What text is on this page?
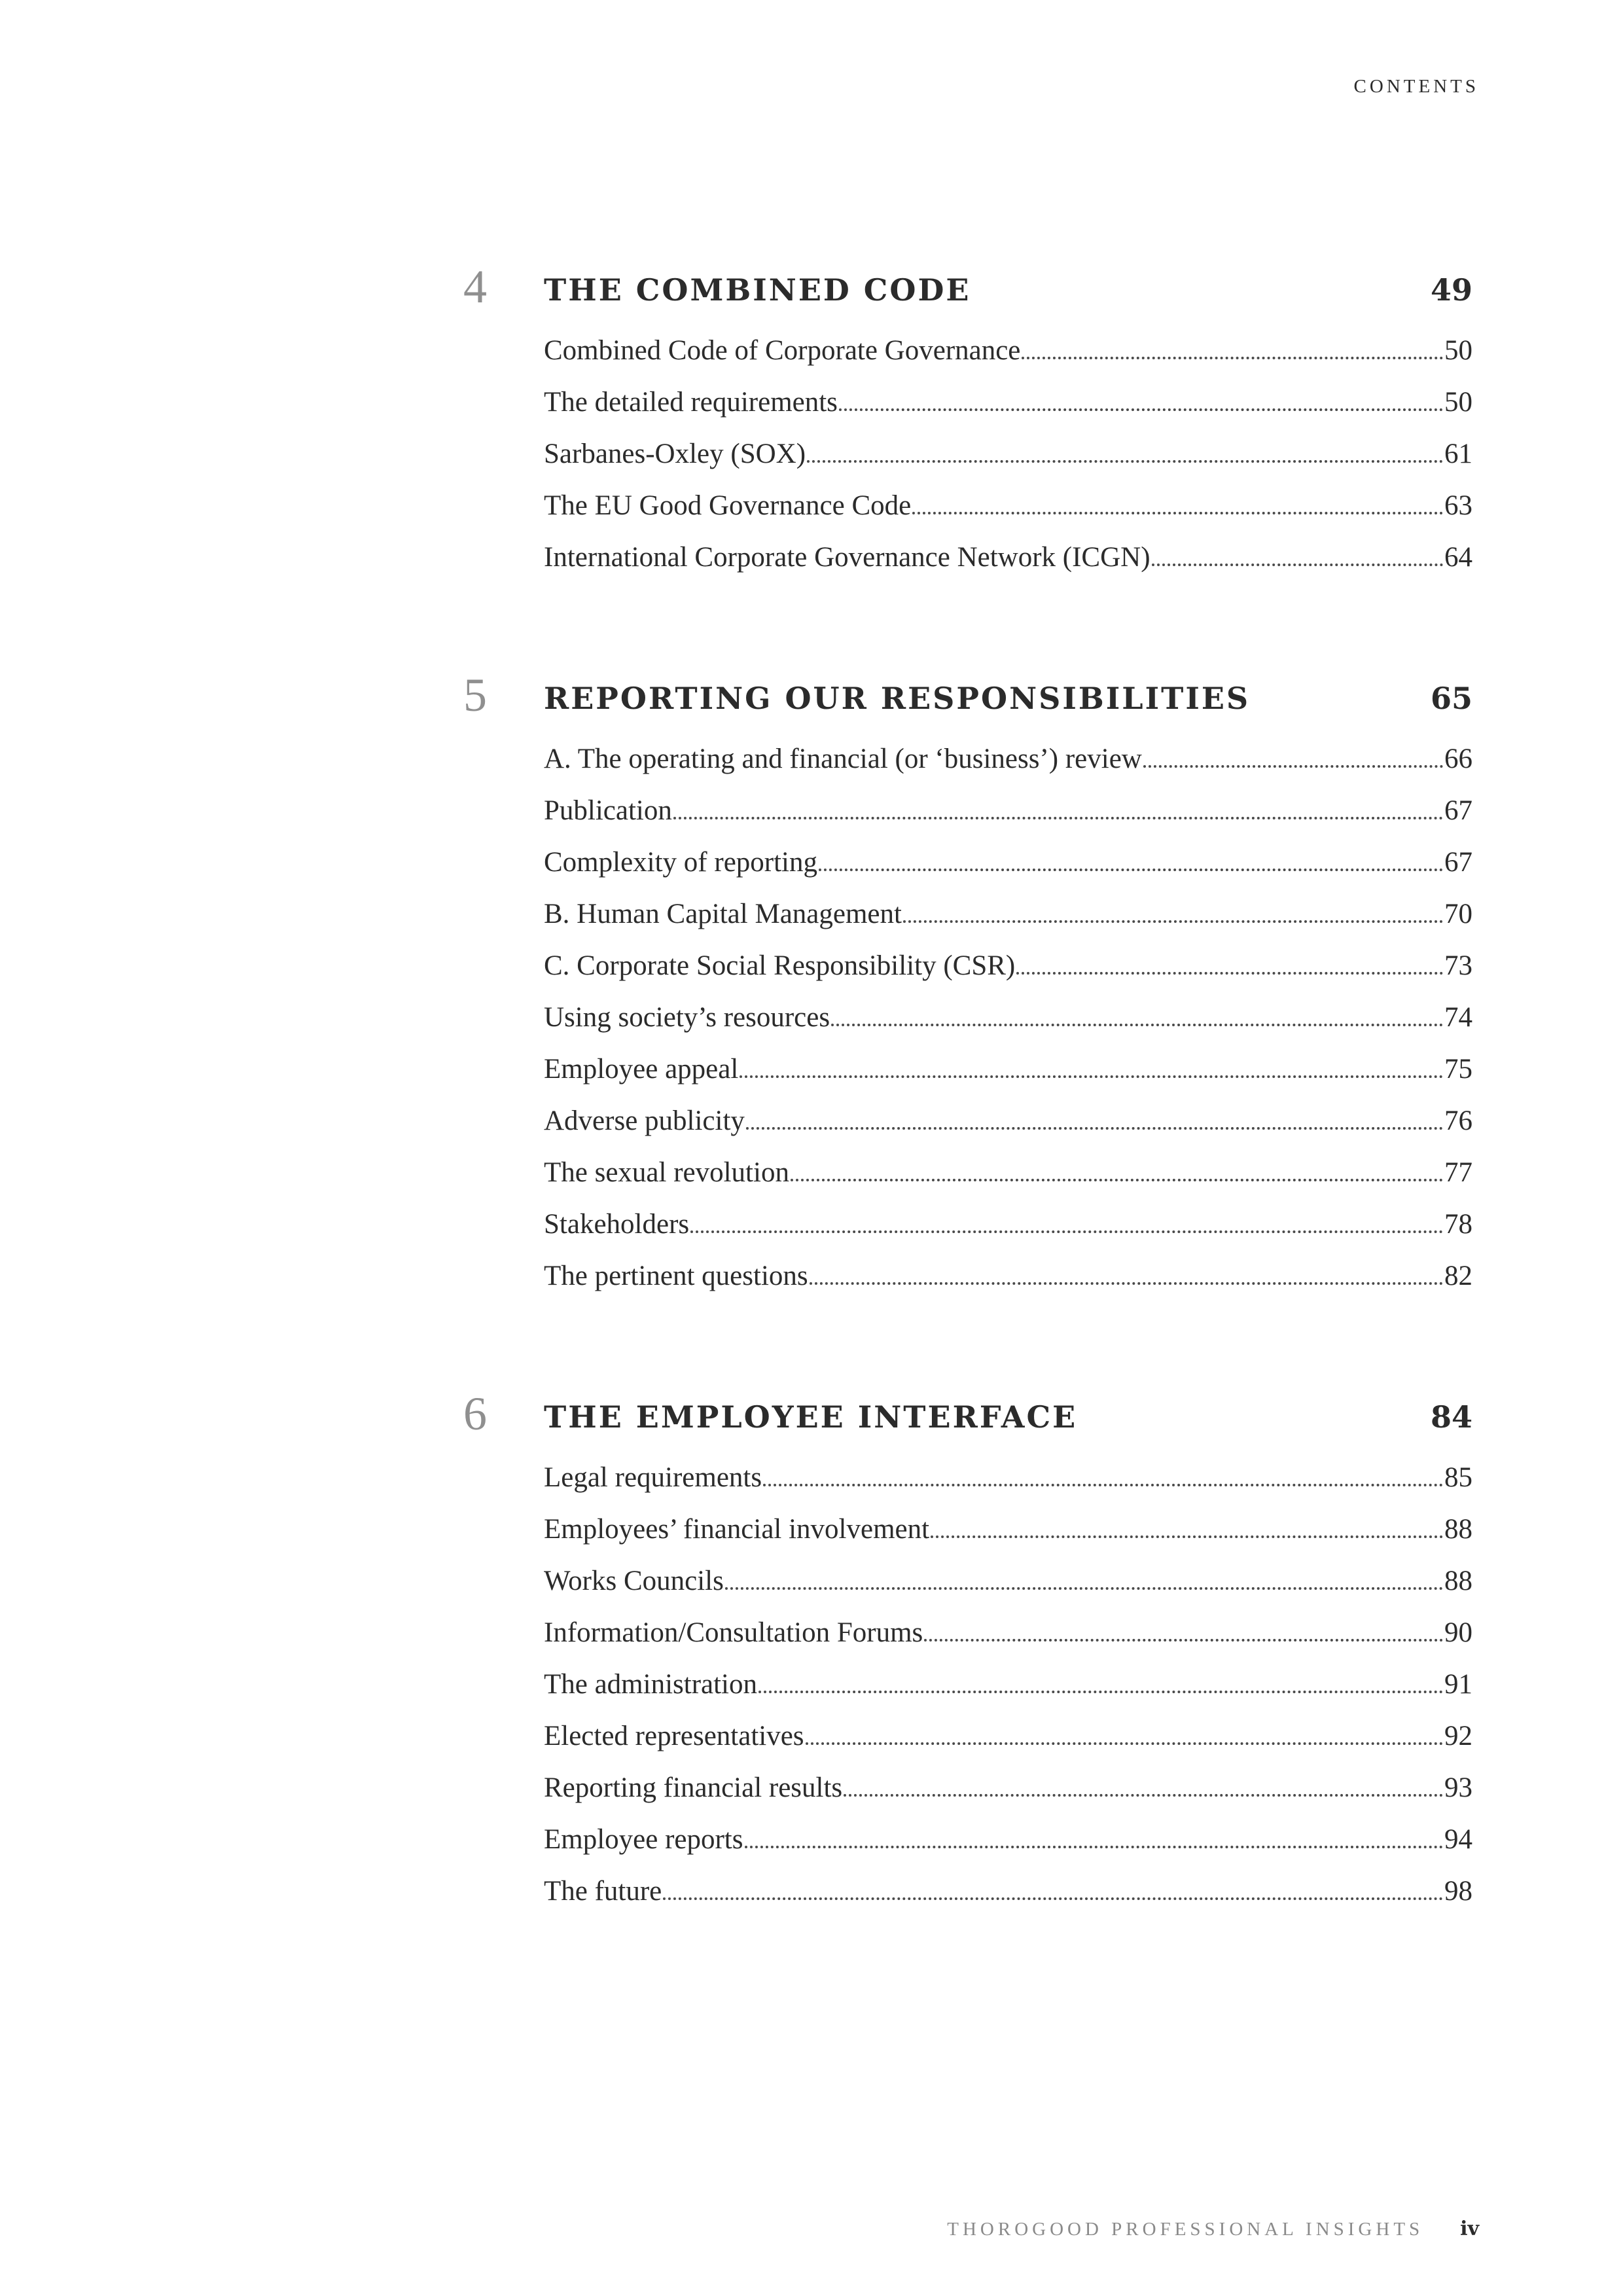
CONTENTS
4 THE COMBINED CODE	49
Combined Code of Corporate Governance	50
The detailed requirements	50
Sarbanes-Oxley (SOX)	61
The EU Good Governance Code	63
International Corporate Governance Network (ICGN)	64
5 REPORTING OUR RESPONSIBILITIES	65
A. The operating and financial (or ‘business’) review	66
Publication	67
Complexity of reporting	67
B. Human Capital Management	70
C. Corporate Social Responsibility (CSR)	73
Using society’s resources	74
Employee appeal	75
Adverse publicity	76
The sexual revolution	77
Stakeholders	78
The pertinent questions	82
6 THE EMPLOYEE INTERFACE	84
Legal requirements	85
Employees’ financial involvement	88
Works Councils	88
Information/Consultation Forums	90
The administration	91
Elected representatives	92
Reporting financial results	93
Employee reports	94
The future	98
THOROGOOD PROFESSIONAL INSIGHTS iv
